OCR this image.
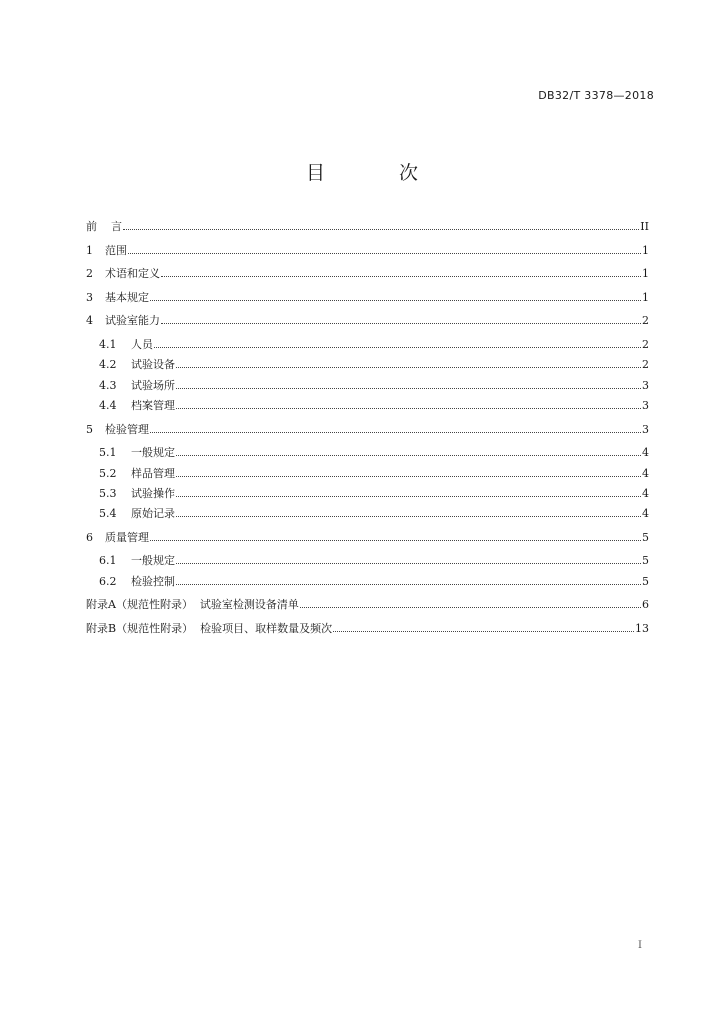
DB32/T 3378—2018
目 次
前    言	II
1	范围	1
2	术语和定义	1
3	基本规定	1
4	试验室能力	2
4.1	人员	2
4.2	试验设备	2
4.3	试验场所	3
4.4	档案管理	3
5	检验管理	3
5.1	一般规定	4
5.2	样品管理	4
5.3	试验操作	4
5.4	原始记录	4
6	质量管理	5
6.1	一般规定	5
6.2	检验控制	5
附录A（规范性附录）  试验室检测设备清单	6
附录B（规范性附录）  检验项目、取样数量及频次	13
I
